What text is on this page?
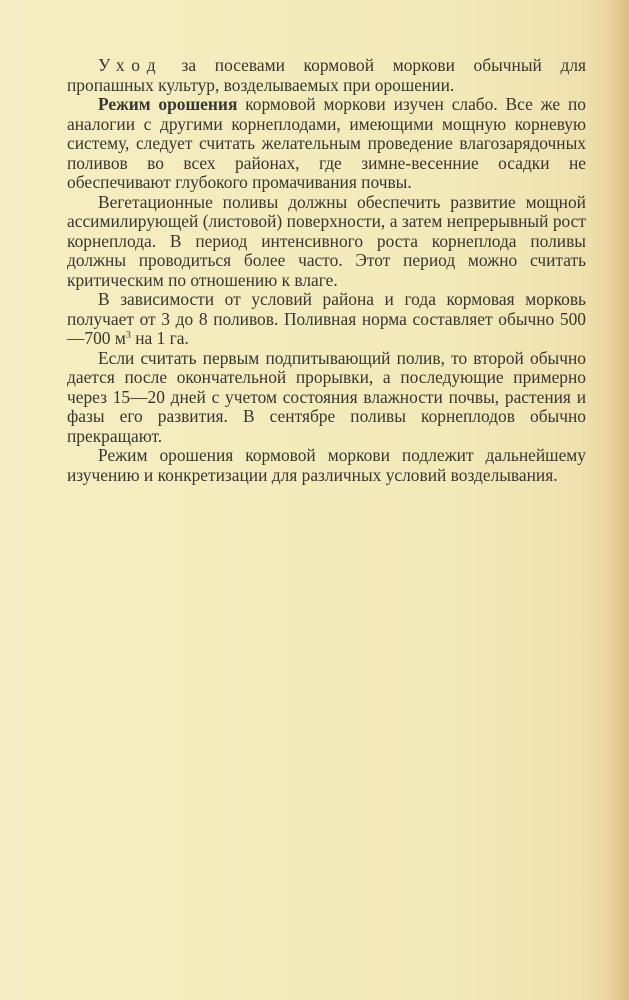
Уход за посевами кормовой моркови обычный для пропашных культур, возделываемых при орошении.

Режим орошения кормовой моркови изучен слабо. Все же по аналогии с другими корнеплодами, имеющими мощную корневую систему, следует считать желательным проведение влагозарядочных поливов во всех районах, где зимне-весенние осадки не обеспечивают глубокого промачивания почвы.

Вегетационные поливы должны обеспечить развитие мощной ассимилирующей (листовой) поверхности, а затем непрерывный рост корнеплода. В период интенсивного роста корнеплода поливы должны проводиться более часто. Этот период можно считать критическим по отношению к влаге.

В зависимости от условий района и года кормовая морковь получает от 3 до 8 поливов. Поливная норма составляет обычно 500—700 $м^3$ на 1 га.

Если считать первым подпитывающий полив, то второй обычно дается после окончательной прорывки, а последующие примерно через 15—20 дней с учетом состояния влажности почвы, растения и фазы его развития. В сентябре поливы корнеплодов обычно прекращают.

Режим орошения кормовой моркови подлежит дальнейшему изучению и конкретизации для различных условий возделывания.
